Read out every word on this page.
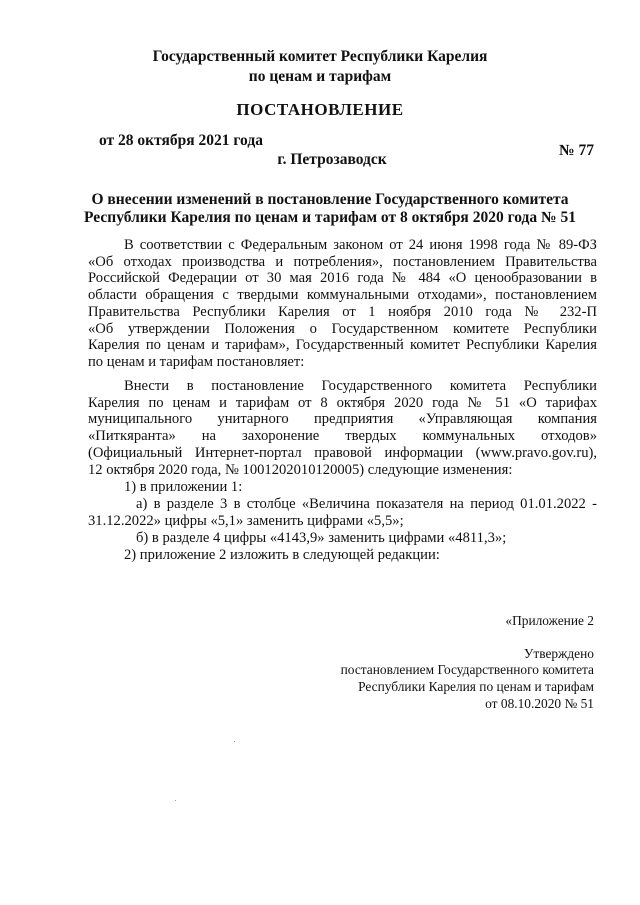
Государственный комитет Республики Карелия
по ценам и тарифам
ПОСТАНОВЛЕНИЕ
от 28 октября 2021 года
№ 77
г. Петрозаводск
О внесении изменений в постановление Государственного комитета
Республики Карелия по ценам и тарифам от 8 октября 2020 года № 51
В соответствии с Федеральным законом от 24 июня 1998 года № 89-ФЗ
«Об отходах производства и потребления», постановлением Правительства
Российской Федерации от 30 мая 2016 года № 484 «О ценообразовании в
области обращения с твердыми коммунальными отходами», постановлением
Правительства Республики Карелия от 1 ноября 2010 года № 232-П
«Об утверждении Положения о Государственном комитете Республики
Карелия по ценам и тарифам», Государственный комитет Республики Карелия
по ценам и тарифам постановляет:
Внести в постановление Государственного комитета Республики
Карелия по ценам и тарифам от 8 октября 2020 года № 51 «О тарифах
муниципального унитарного предприятия «Управляющая компания
«Питкяранта» на захоронение твердых коммунальных отходов»
(Официальный Интернет-портал правовой информации (www.pravo.gov.ru),
12 октября 2020 года, № 1001202010120005) следующие изменения:
1) в приложении 1:
а) в разделе 3 в столбце «Величина показателя на период 01.01.2022 -
31.12.2022» цифры «5,1» заменить цифрами «5,5»;
б) в разделе 4 цифры «4143,9» заменить цифрами «4811,3»;
2) приложение 2 изложить в следующей редакции:
«Приложение 2
Утверждено
постановлением Государственного комитета
Республики Карелия по ценам и тарифам
от 08.10.2020 № 51
